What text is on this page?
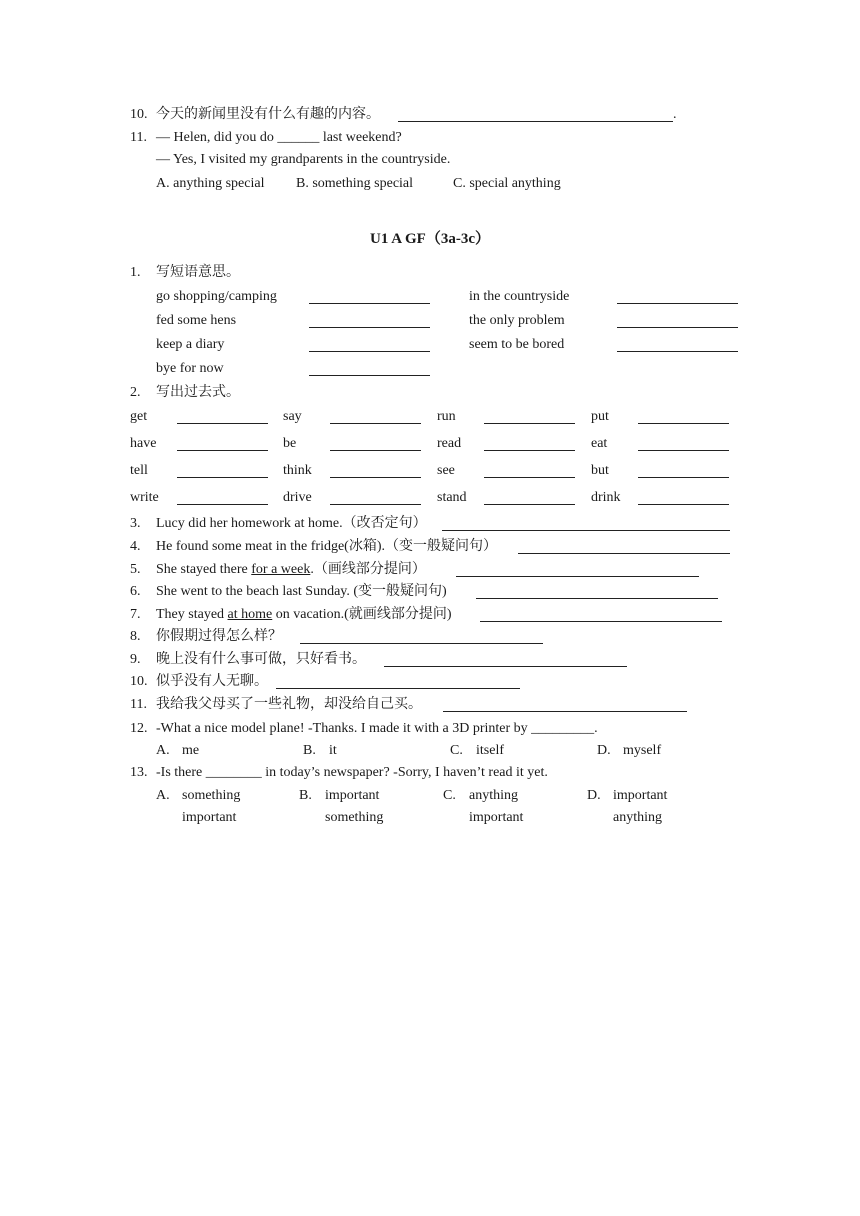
10. 今天的新闻里没有什么有趣的内容。	.
11. — Helen, did you do ______ last weekend?
— Yes, I visited my grandparents in the countryside.
A. anything special B. something special	C. special anything
U1 A GF（3a-3c）
1. 写短语意思。
go shopping/camping	in the countryside
fed some hens	the only problem
keep a diary	seem to be bored
bye for now
2. 写出过去式。
get	say	run	put
have	be	read	eat
tell	think	see	but
write	drive	stand	drink
3. Lucy did her homework at home.（改否定句）
4. He found some meat in the fridge(冰箱).（变一般疑问句）
5. She stayed there for a week.（画线部分提问）
6. She went to the beach last Sunday. (变一般疑问句)
7. They stayed at home on vacation.(就画线部分提问)
8. 你假期过得怎么样？
9. 晚上没有什么事可做，只好看书。
10. 似乎没有人无聊。
11. 我给我父母买了一些礼物，却没给自己买。
12. -What a nice model plane! -Thanks. I made it with a 3D printer by _________.
A. me	B. it	C. itself	D. myself
13. -Is there ________ in today’s newspaper? -Sorry, I haven’t read it yet.
A. something
important
B. important
something
C. anything
important
D. important
anything
